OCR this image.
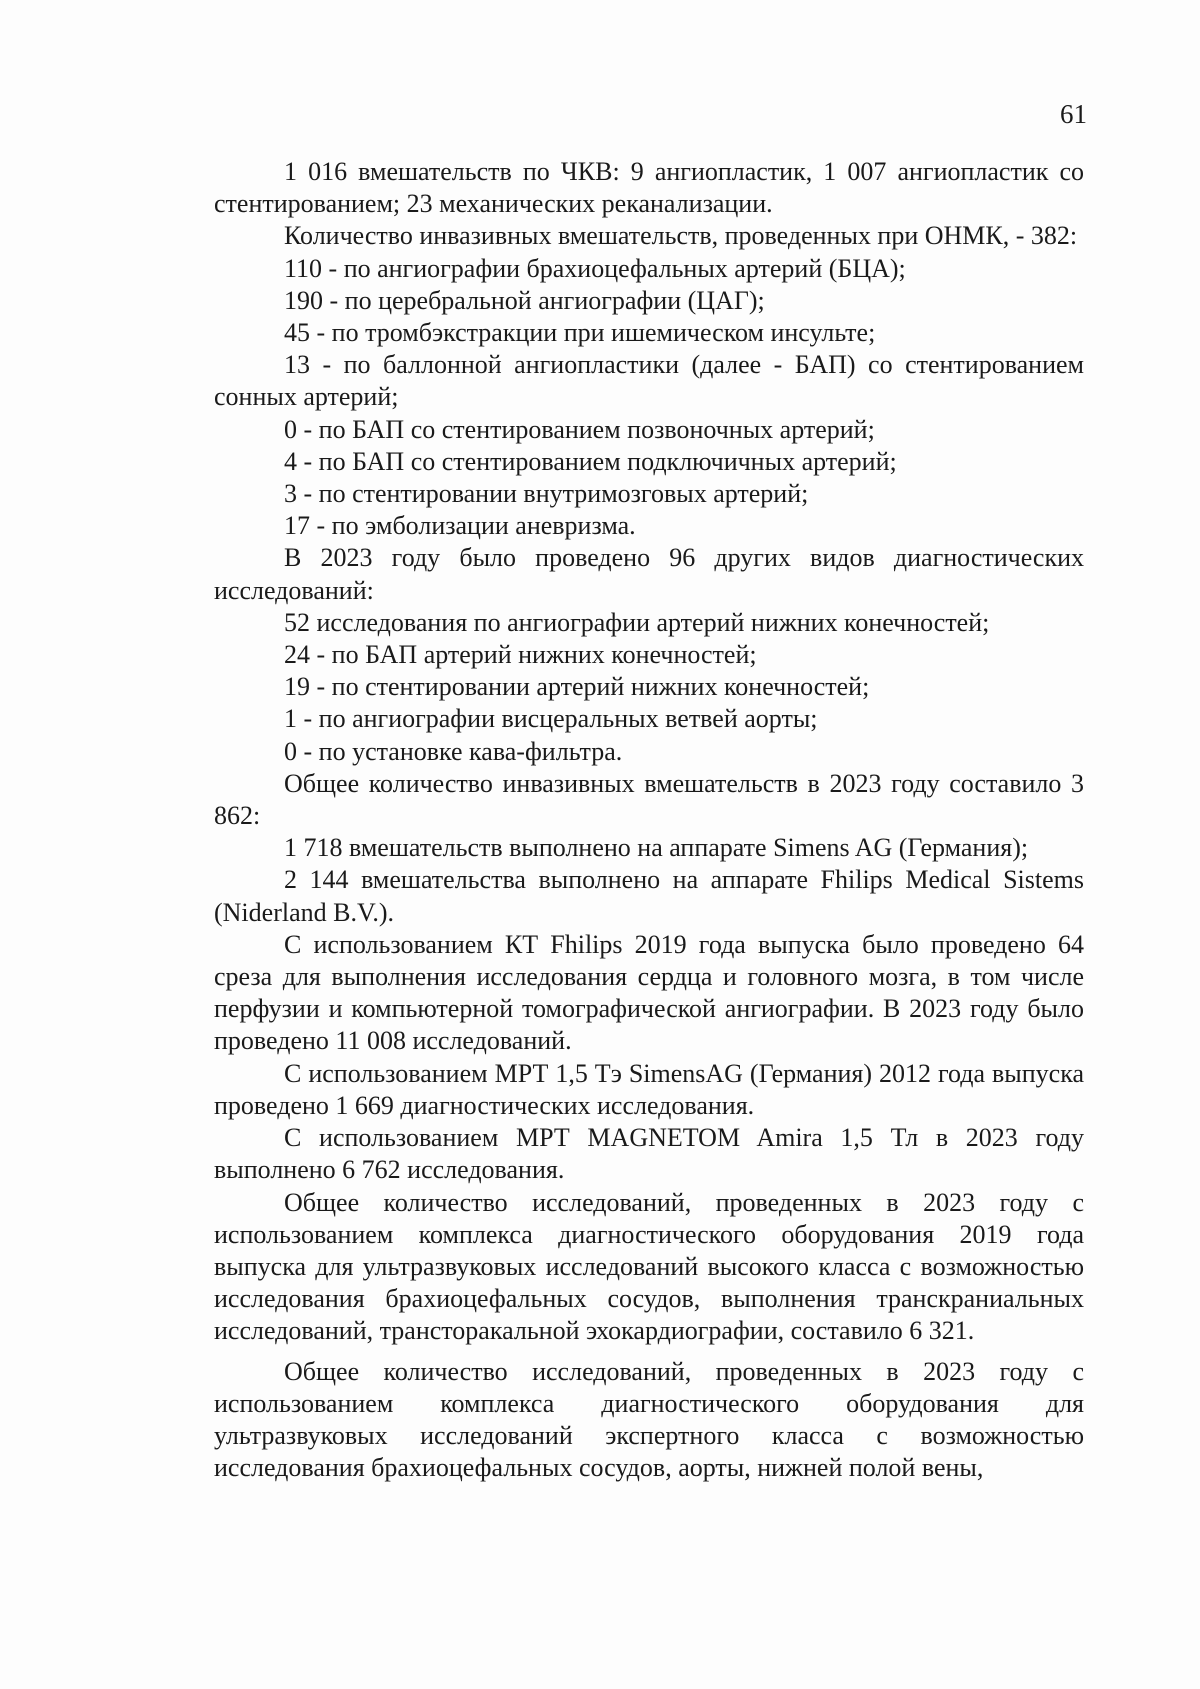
61

1 016 вмешательств по ЧКВ: 9 ангиопластик, 1 007 ангиопластик со стентированием; 23 механических реканализации.

Количество инвазивных вмешательств, проведенных при ОНМК, - 382:

110 - по ангиографии брахиоцефальных артерий (БЦА);

190 - по церебральной ангиографии (ЦАГ);

45 - по тромбэкстракции при ишемическом инсульте;

13 - по баллонной ангиопластики (далее - БАП) со стентированием сонных артерий;

0 - по БАП со стентированием позвоночных артерий;

4 - по БАП со стентированием подключичных артерий;

3 - по стентировании внутримозговых артерий;

17 - по эмболизации аневризма.

В 2023 году было проведено 96 других видов диагностических исследований:

52 исследования по ангиографии артерий нижних конечностей;

24 - по БАП артерий нижних конечностей;

19 - по стентировании артерий нижних конечностей;

1 - по ангиографии висцеральных ветвей аорты;

0 - по установке кава-фильтра.

Общее количество инвазивных вмешательств в 2023 году составило 3 862:

1 718 вмешательств выполнено на аппарате Simens AG (Германия);

2 144 вмешательства выполнено на аппарате Fhilips Medical Sistems (Niderland B.V.).

С использованием КТ Fhilips 2019 года выпуска было проведено 64 среза для выполнения исследования сердца и головного мозга, в том числе перфузии и компьютерной томографической ангиографии. В 2023 году было проведено 11 008 исследований.

С использованием МРТ 1,5 Тэ SimensAG (Германия) 2012 года выпуска проведено 1 669 диагностических исследования.

С использованием МРТ MAGNETOM Amira 1,5 Тл в 2023 году выполнено 6 762 исследования.

Общее количество исследований, проведенных в 2023 году с использованием комплекса диагностического оборудования 2019 года выпуска для ультразвуковых исследований высокого класса с возможностью исследования брахиоцефальных сосудов, выполнения транскраниальных исследований, трансторакальной эхокардиографии, составило 6 321.

Общее количество исследований, проведенных в 2023 году с использованием комплекса диагностического оборудования для ультразвуковых исследований экспертного класса с возможностью исследования брахиоцефальных сосудов, аорты, нижней полой вены,
